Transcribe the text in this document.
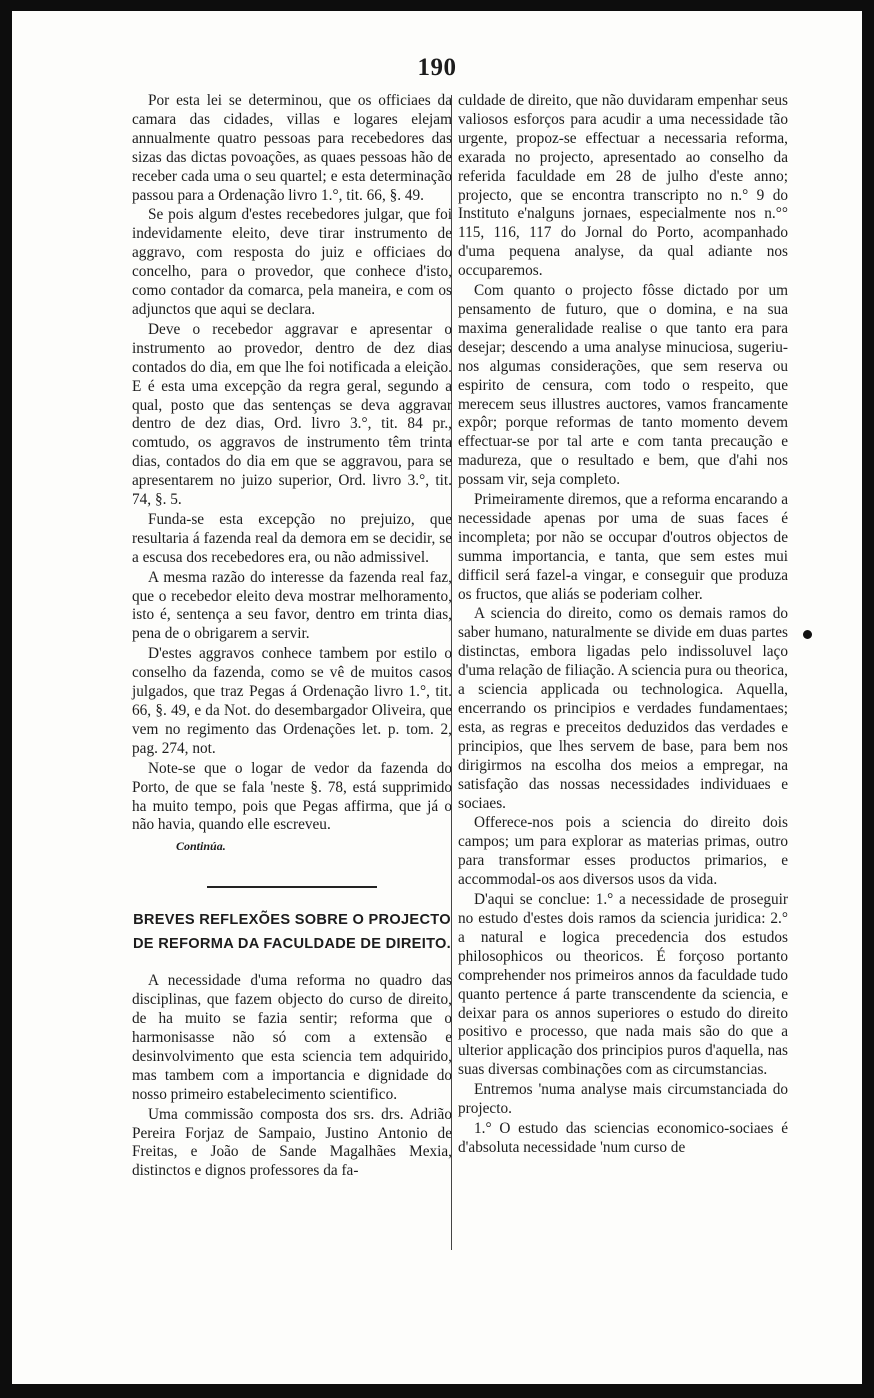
190

Por esta lei se determinou, que os officiaes da camara das cidades, villas e logares elejam annualmente quatro pessoas para recebedores das sizas das dictas povoações, as quaes pessoas hão de receber cada uma o seu quartel; e esta determinação passou para a Ordenação livro 1.°, tit. 66, §. 49.

Se pois algum d'estes recebedores julgar, que foi indevidamente eleito, deve tirar instrumento de aggravo, com resposta do juiz e officiaes do concelho, para o provedor, que conhece d'isto, como contador da comarca, pela maneira, e com os adjunctos que aqui se declara.

Deve o recebedor aggravar e apresentar o instrumento ao provedor, dentro de dez dias contados do dia, em que lhe foi notificada a eleição. E é esta uma excepção da regra geral, segundo a qual, posto que das sentenças se deva aggravar dentro de dez dias, Ord. livro 3.°, tit. 84 pr., comtudo, os aggravos de instrumento têm trinta dias, contados do dia em que se aggravou, para se apresentarem no juizo superior, Ord. livro 3.°, tit. 74, §. 5.

Funda-se esta excepção no prejuizo, que resultaria á fazenda real da demora em se decidir, se a escusa dos recebedores era, ou não admissivel.

A mesma razão do interesse da fazenda real faz, que o recebedor eleito deva mostrar melhoramento, isto é, sentença a seu favor, dentro em trinta dias, pena de o obrigarem a servir.

D'estes aggravos conhece tambem por estilo o conselho da fazenda, como se vê de muitos casos julgados, que traz Pegas á Ordenação livro 1.°, tit. 66, §. 49, e da Not. do desembargador Oliveira, que vem no regimento das Ordenações let. p. tom. 2, pag. 274, not.

Note-se que o logar de vedor da fazenda do Porto, de que se fala 'neste §. 78, está supprimido ha muito tempo, pois que Pegas affirma, que já o não havia, quando elle escreveu.

Continúa.
BREVES REFLEXÕES SOBRE O PROJECTO DE REFORMA DA FACULDADE DE DIREITO.

A necessidade d'uma reforma no quadro das disciplinas, que fazem objecto do curso de direito, de ha muito se fazia sentir; reforma que o harmonisasse não só com a extensão e desinvolvimento que esta sciencia tem adquirido, mas tambem com a importancia e dignidade do nosso primeiro estabelecimento scientifico.

Uma commissão composta dos srs. drs. Adrião Pereira Forjaz de Sampaio, Justino Antonio de Freitas, e João de Sande Magalhães Mexia, distinctos e dignos professores da fa-

culdade de direito, que não duvidaram empenhar seus valiosos esforços para acudir a uma necessidade tão urgente, propoz-se effectuar a necessaria reforma, exarada no projecto, apresentado ao conselho da referida faculdade em 28 de julho d'este anno; projecto, que se encontra transcripto no n.° 9 do Instituto e'nalguns jornaes, especialmente nos n.°° 115, 116, 117 do Jornal do Porto, acompanhado d'uma pequena analyse, da qual adiante nos occuparemos.

Com quanto o projecto fôsse dictado por um pensamento de futuro, que o domina, e na sua maxima generalidade realise o que tanto era para desejar; descendo a uma analyse minuciosa, sugeriu-nos algumas considerações, que sem reserva ou espirito de censura, com todo o respeito, que merecem seus illustres auctores, vamos francamente expôr; porque reformas de tanto momento devem effectuar-se por tal arte e com tanta precaução e madureza, que o resultado e bem, que d'ahi nos possam vir, seja completo.

Primeiramente diremos, que a reforma encarando a necessidade apenas por uma de suas faces é incompleta; por não se occupar d'outros objectos de summa importancia, e tanta, que sem estes mui difficil será fazel-a vingar, e conseguir que produza os fructos, que aliás se poderiam colher.

A sciencia do direito, como os demais ramos do saber humano, naturalmente se divide em duas partes distinctas, embora ligadas pelo indissoluvel laço d'uma relação de filiação. A sciencia pura ou theorica, a sciencia applicada ou technologica. Aquella, encerrando os principios e verdades fundamentaes; esta, as regras e preceitos deduzidos das verdades e principios, que lhes servem de base, para bem nos dirigirmos na escolha dos meios a empregar, na satisfação das nossas necessidades individuaes e sociaes.

Offerece-nos pois a sciencia do direito dois campos; um para explorar as materias primas, outro para transformar esses productos primarios, e accommodal-os aos diversos usos da vida.

D'aqui se conclue: 1.° a necessidade de proseguir no estudo d'estes dois ramos da sciencia juridica: 2.° a natural e logica precedencia dos estudos philosophicos ou theoricos. É forçoso portanto comprehender nos primeiros annos da faculdade tudo quanto pertence á parte transcendente da sciencia, e deixar para os annos superiores o estudo do direito positivo e processo, que nada mais são do que a ulterior applicação dos principios puros d'aquella, nas suas diversas combinações com as circumstancias.

Entremos 'numa analyse mais circumstanciada do projecto.

1.° O estudo das sciencias economico-sociaes é d'absoluta necessidade 'num curso de
